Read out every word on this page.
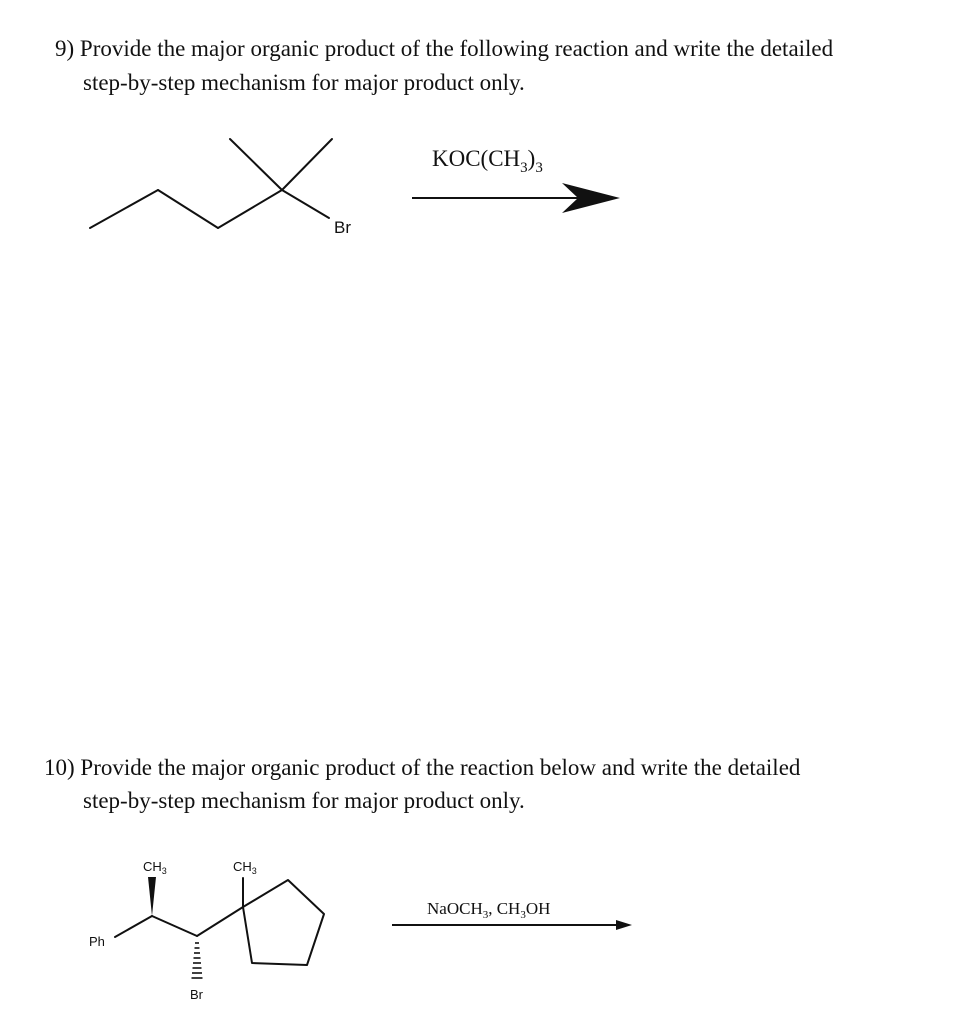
9) Provide the major organic product of the following reaction and write the detailed
step-by-step mechanism for major product only.
Br
$KOC(CH_3)_3$
10) Provide the major organic product of the reaction below and write the detailed
step-by-step mechanism for major product only.
$CH_3$	$CH_3$
Ph
Br
NaOCH$_3$, $CH_3OH$
